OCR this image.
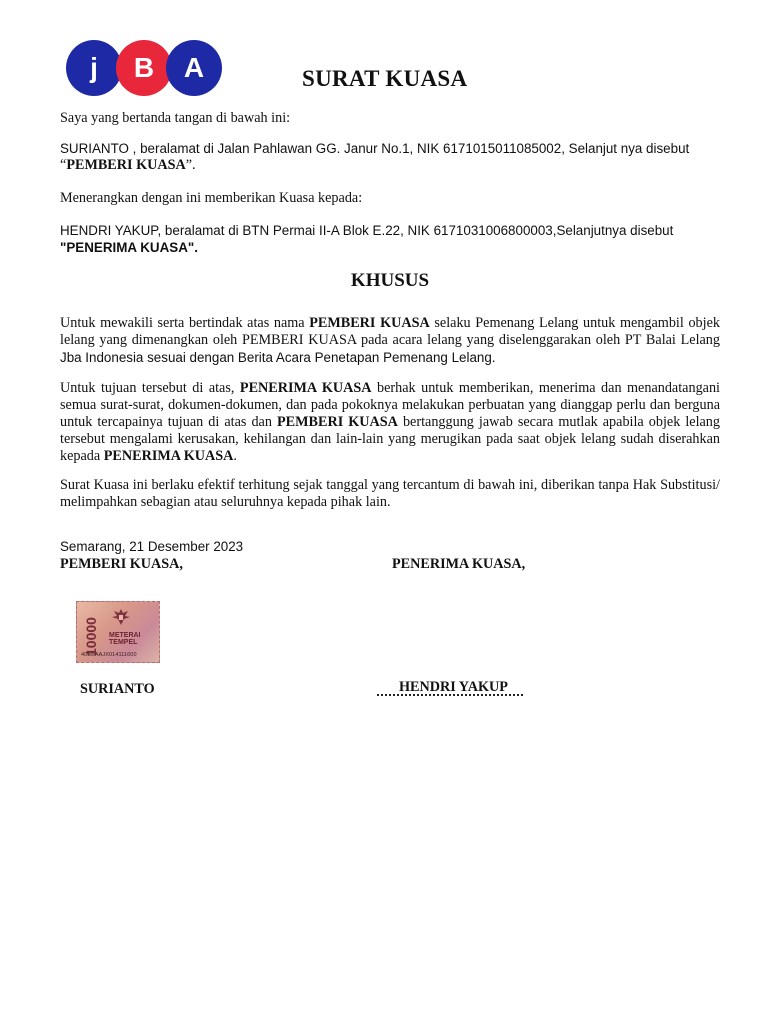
j	B	A	SURAT KUASA
Saya yang bertanda tangan di bawah ini:
SURIANTO , beralamat di Jalan Pahlawan GG. Janur No.1, NIK 6171015011085002, Selanjut nya disebut
“PEMBERI KUASA”.
Menerangkan dengan ini memberikan Kuasa kepada:
HENDRI YAKUP, beralamat di BTN Permai II-A Blok E.22, NIK 6171031006800003,Selanjutnya disebut
"PENERIMA KUASA".
KHUSUS
Untuk mewakili serta bertindak atas nama PEMBERI KUASA selaku Pemenang Lelang untuk mengambil objek lelang yang dimenangkan oleh PEMBERI KUASA pada acara lelang yang diselenggarakan oleh PT Balai Lelang Jba Indonesia sesuai dengan Berita Acara Penetapan Pemenang Lelang.
Untuk tujuan tersebut di atas, PENERIMA KUASA berhak untuk memberikan, menerima dan menandatangani semua surat-surat, dokumen-dokumen, dan pada pokoknya melakukan perbuatan yang dianggap perlu dan berguna untuk tercapainya tujuan di atas dan PEMBERI KUASA bertanggung jawab secara mutlak apabila objek lelang tersebut mengalami kerusakan, kehilangan dan lain-lain yang merugikan pada saat objek lelang sudah diserahkan kepada PENERIMA KUASA.
Surat Kuasa ini berlaku efektif terhitung sejak tanggal yang tercantum di bawah ini, diberikan tanpa Hak Substitusi/ melimpahkan sebagian atau seluruhnya kepada pihak lain.
Semarang, 21 Desember 2023
PEMBERI KUASA,	PENERIMA KUASA,
10000	METERAI
TEMPEL
40BBAAJX014111600
SURIANTO	HENDRI YAKUP
